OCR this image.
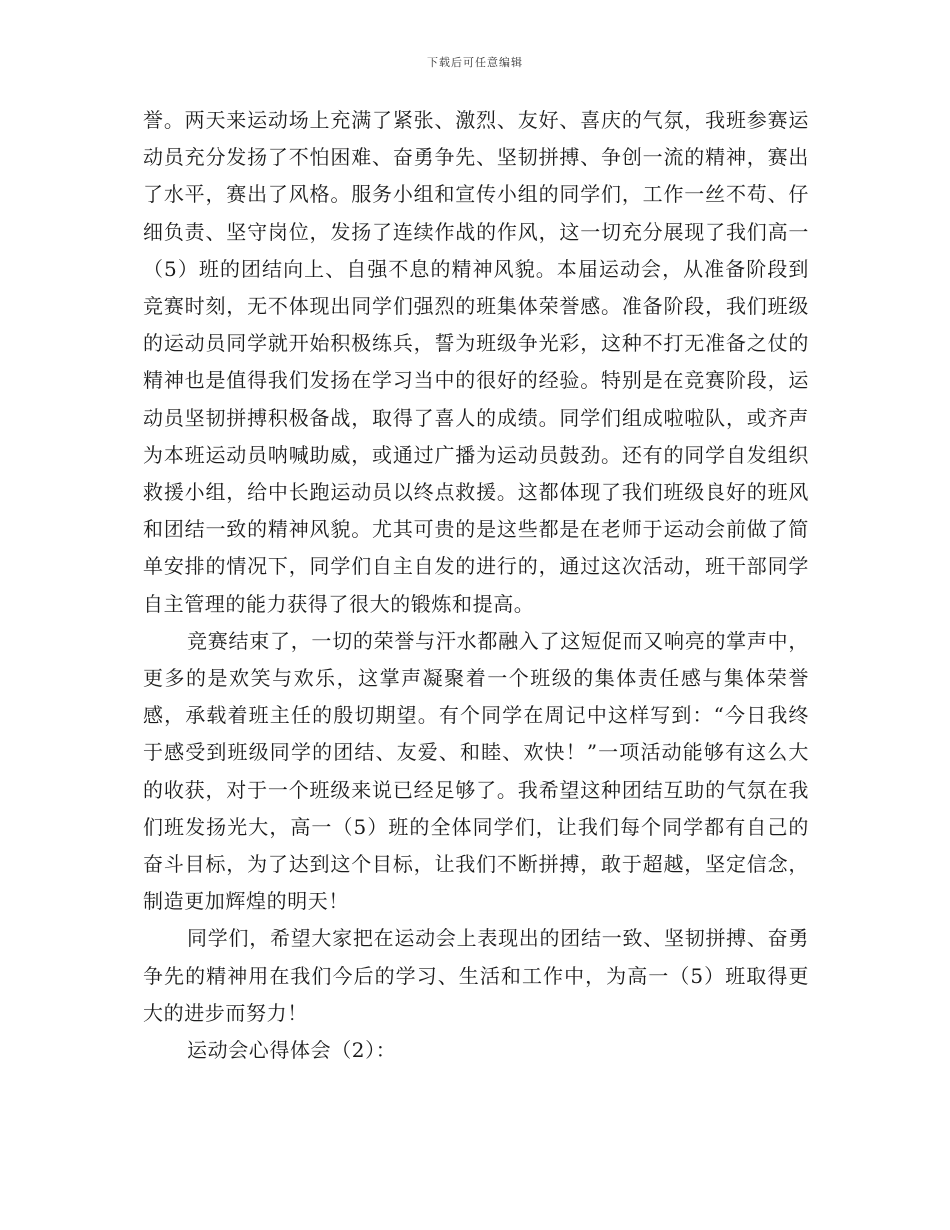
下载后可任意编辑

誉。两天来运动场上充满了紧张、激烈、友好、喜庆的气氛，我班参赛运动员充分发扬了不怕困难、奋勇争先、坚韧拼搏、争创一流的精神，赛出了水平，赛出了风格。服务小组和宣传小组的同学们，工作一丝不苟、仔细负责、坚守岗位，发扬了连续作战的作风，这一切充分展现了我们高一（5）班的团结向上、自强不息的精神风貌。本届运动会，从准备阶段到竞赛时刻，无不体现出同学们强烈的班集体荣誉感。准备阶段，我们班级的运动员同学就开始积极练兵，誓为班级争光彩，这种不打无准备之仗的精神也是值得我们发扬在学习当中的很好的经验。特别是在竞赛阶段，运动员坚韧拼搏积极备战，取得了喜人的成绩。同学们组成啦啦队，或齐声为本班运动员呐喊助威，或通过广播为运动员鼓劲。还有的同学自发组织救援小组，给中长跑运动员以终点救援。这都体现了我们班级良好的班风和团结一致的精神风貌。尤其可贵的是这些都是在老师于运动会前做了简单安排的情况下，同学们自主自发的进行的，通过这次活动，班干部同学自主管理的能力获得了很大的锻炼和提高。

竞赛结束了，一切的荣誉与汗水都融入了这短促而又响亮的掌声中，更多的是欢笑与欢乐，这掌声凝聚着一个班级的集体责任感与集体荣誉感，承载着班主任的殷切期望。有个同学在周记中这样写到：“今日我终于感受到班级同学的团结、友爱、和睦、欢快！”一项活动能够有这么大的收获，对于一个班级来说已经足够了。我希望这种团结互助的气氛在我们班发扬光大，高一（5）班的全体同学们，让我们每个同学都有自己的奋斗目标，为了达到这个目标，让我们不断拼搏，敢于超越，坚定信念，制造更加辉煌的明天！

同学们，希望大家把在运动会上表现出的团结一致、坚韧拼搏、奋勇争先的精神用在我们今后的学习、生活和工作中，为高一（5）班取得更大的进步而努力！

运动会心得体会（2）：
